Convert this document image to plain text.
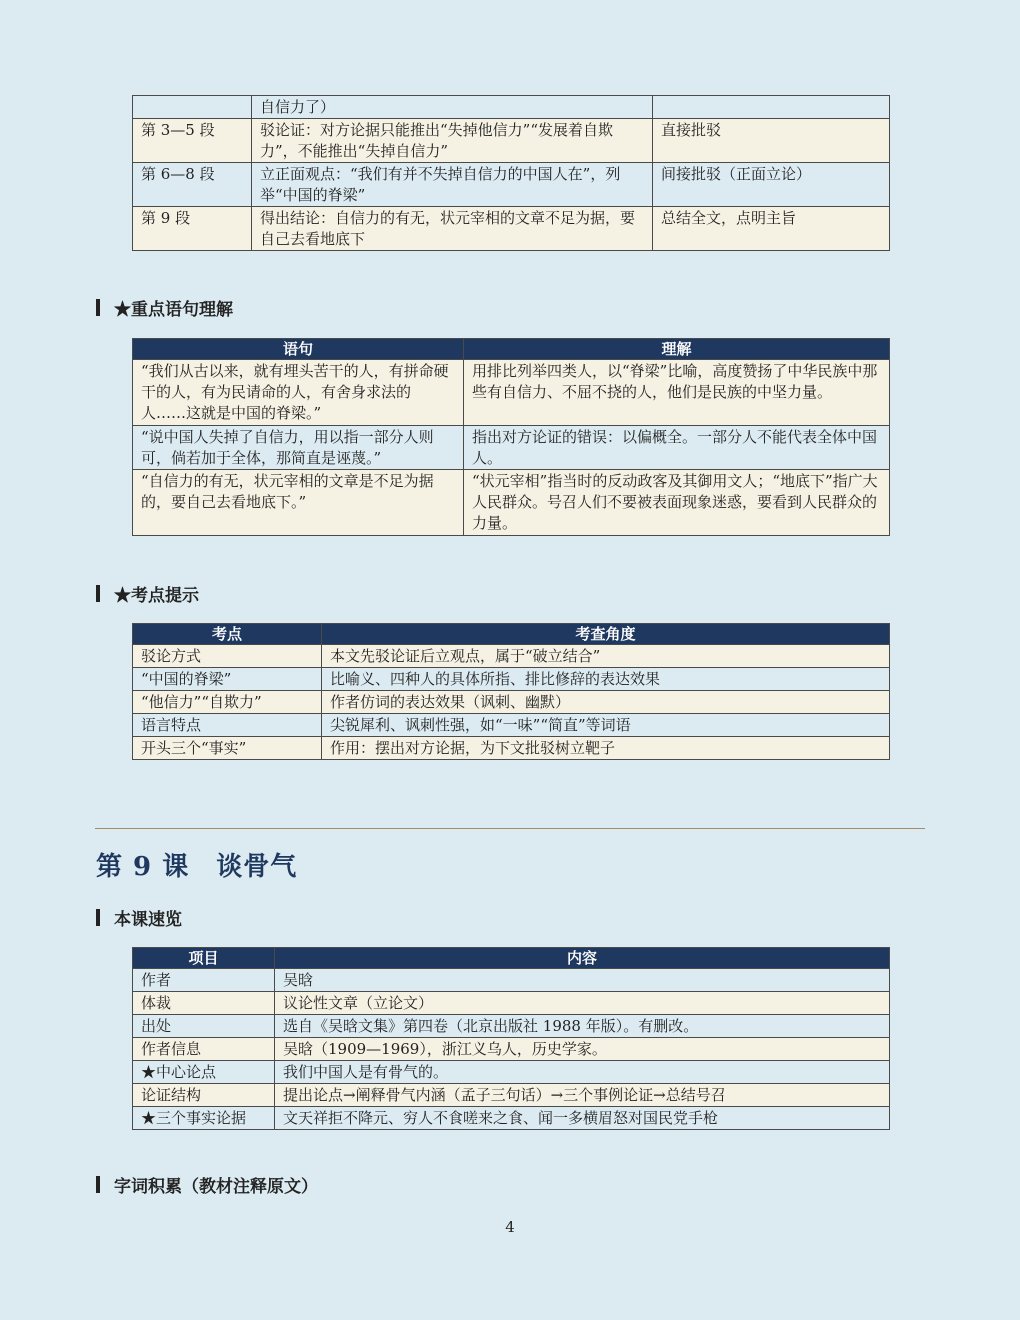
	自信力了）	
第 3—5 段	驳论证：对方论据只能推出“失掉他信力”“发展着自欺力”，不能推出“失掉自信力”	直接批驳
第 6—8 段	立正面观点：“我们有并不失掉自信力的中国人在”，列举“中国的脊梁”	间接批驳（正面立论）
第 9 段	得出结论：自信力的有无，状元宰相的文章不足为据，要自己去看地底下	总结全文，点明主旨
★重点语句理解
语句	理解
“我们从古以来，就有埋头苦干的人，有拼命硬干的人，有为民请命的人，有舍身求法的人……这就是中国的脊梁。”	用排比列举四类人，以“脊梁”比喻，高度赞扬了中华民族中那些有自信力、不屈不挠的人，他们是民族的中坚力量。
“说中国人失掉了自信力，用以指一部分人则可，倘若加于全体，那简直是诬蔑。”	指出对方论证的错误：以偏概全。一部分人不能代表全体中国人。
“自信力的有无，状元宰相的文章是不足为据的，要自己去看地底下。”	“状元宰相”指当时的反动政客及其御用文人；“地底下”指广大人民群众。号召人们不要被表面现象迷惑，要看到人民群众的力量。
★考点提示
考点	考查角度
驳论方式	本文先驳论证后立观点，属于“破立结合”
“中国的脊梁”	比喻义、四种人的具体所指、排比修辞的表达效果
“他信力”“自欺力”	作者仿词的表达效果（讽刺、幽默）
语言特点	尖锐犀利、讽刺性强，如“一味”“简直”等词语
开头三个“事实”	作用：摆出对方论据，为下文批驳树立靶子
第 9 课　谈骨气
本课速览
项目	内容
作者	吴晗
体裁	议论性文章（立论文）
出处	选自《吴晗文集》第四卷（北京出版社 1988 年版）。有删改。
作者信息	吴晗（1909—1969），浙江义乌人，历史学家。
★中心论点	我们中国人是有骨气的。
论证结构	提出论点→阐释骨气内涵（孟子三句话）→三个事例论证→总结号召
★三个事实论据	文天祥拒不降元、穷人不食嗟来之食、闻一多横眉怒对国民党手枪
字词积累（教材注释原文）
4
